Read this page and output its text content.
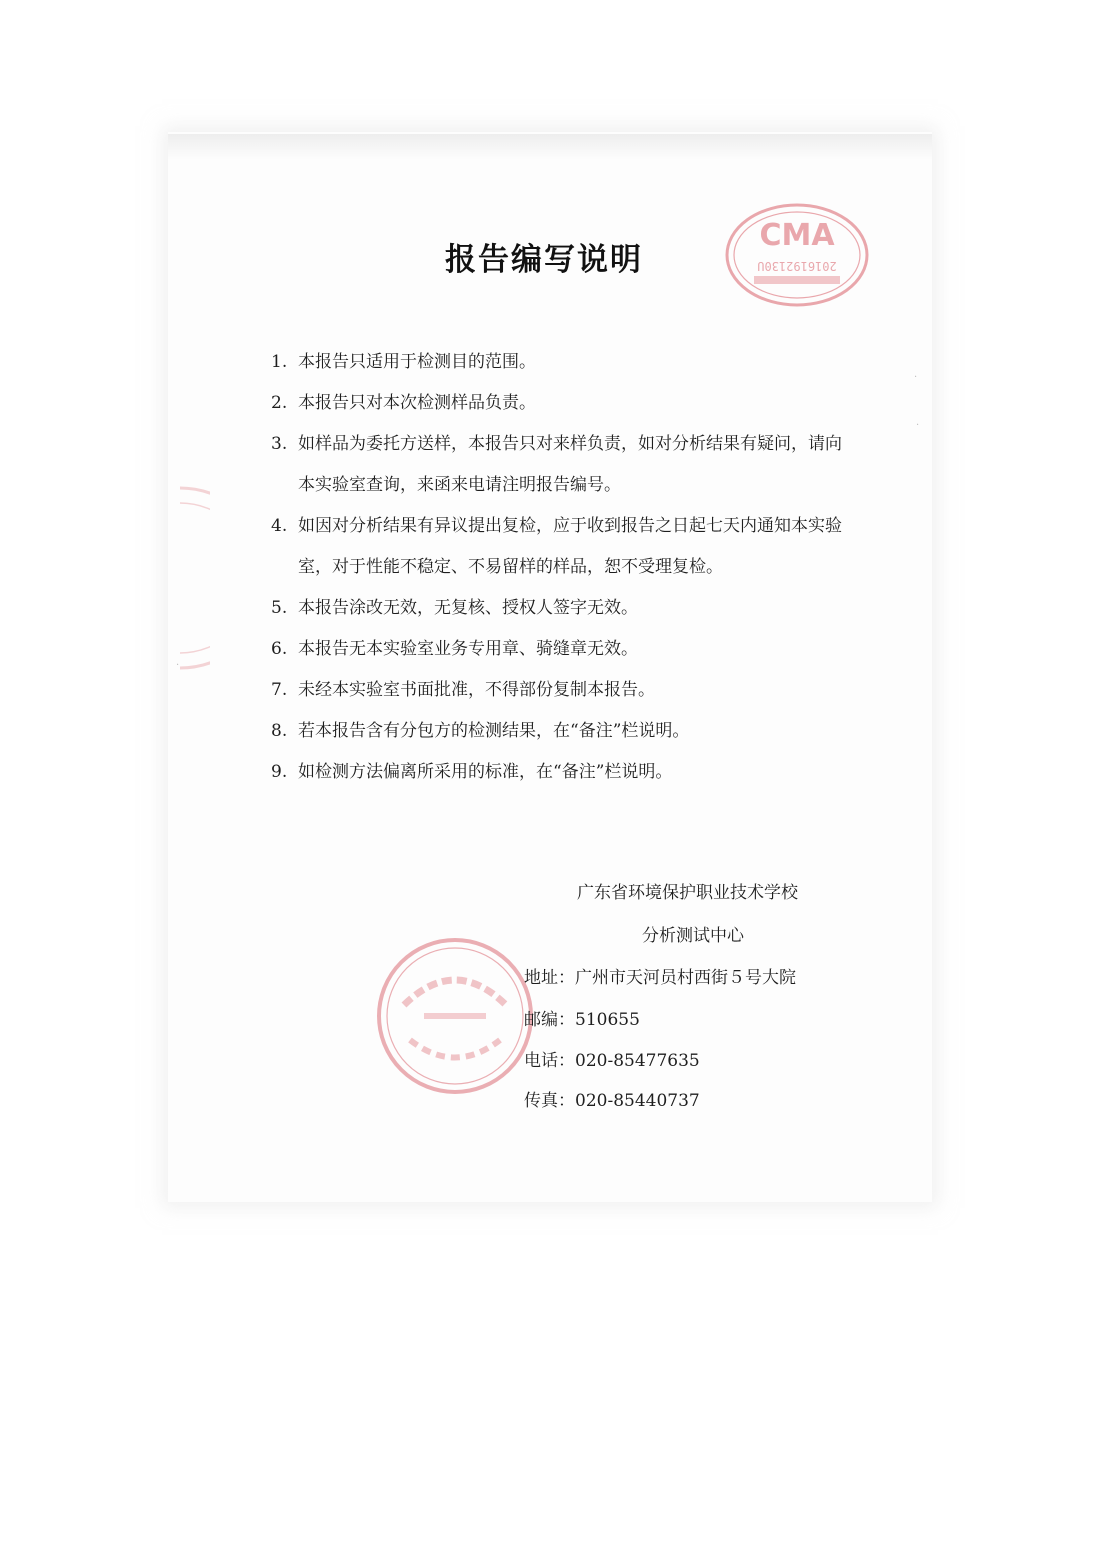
CMA
2016192130U
报告编写说明
1. 本报告只适用于检测目的范围。
2. 本报告只对本次检测样品负责。
3. 如样品为委托方送样，本报告只对来样负责，如对分析结果有疑问，请向本实验室查询，来函来电请注明报告编号。
4. 如因对分析结果有异议提出复检，应于收到报告之日起七天内通知本实验室，对于性能不稳定、不易留样的样品，恕不受理复检。
5. 本报告涂改无效，无复核、授权人签字无效。
6. 本报告无本实验室业务专用章、骑缝章无效。
7. 未经本实验室书面批准，不得部份复制本报告。
8. 若本报告含有分包方的检测结果，在“备注”栏说明。
9. 如检测方法偏离所采用的标准，在“备注”栏说明。
广东省环境保护职业技术学校
分析测试中心
地址：广州市天河员村西街５号大院
邮编：510655
电话：020-85477635
传真：020-85440737
·
·
·
